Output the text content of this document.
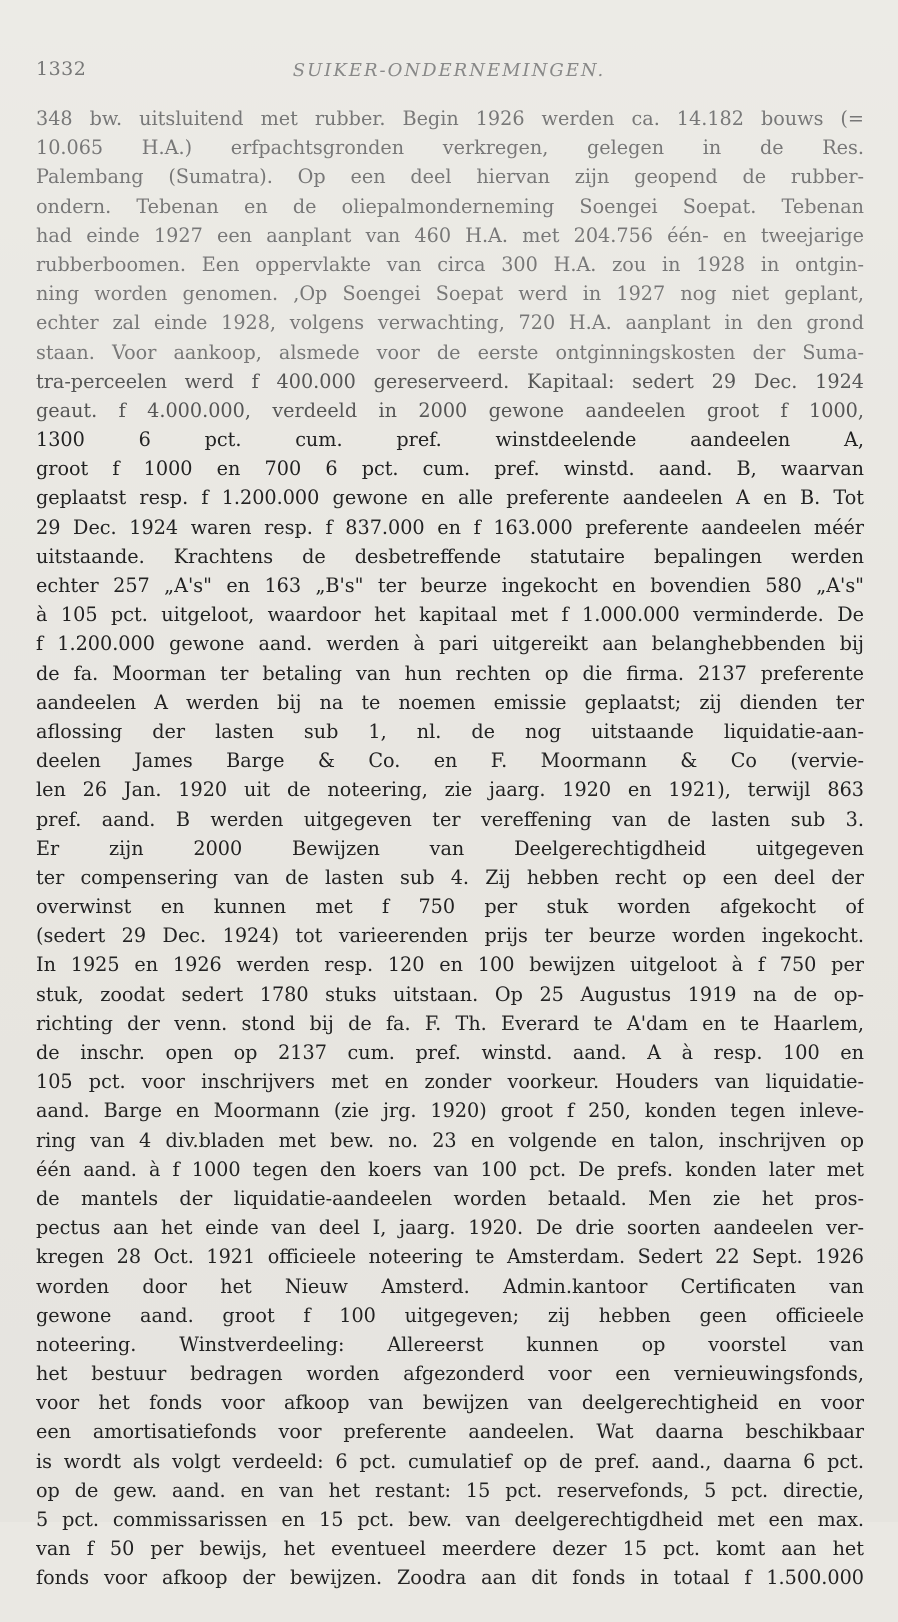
1332	SUIKER-ONDERNEMINGEN.
348 bw. uitsluitend met rubber. Begin 1926 werden ca. 14.182 bouws (=
10.065 H.A.) erfpachtsgronden verkregen, gelegen in de Res.
Palembang (Sumatra). Op een deel hiervan zijn geopend de rubber-
ondern. Tebenan en de oliepalmonderneming Soengei Soepat. Tebenan
had einde 1927 een aanplant van 460 H.A. met 204.756 één- en tweejarige
rubberboomen. Een oppervlakte van circa 300 H.A. zou in 1928 in ontgin-
ning worden genomen. ,Op Soengei Soepat werd in 1927 nog niet geplant,
echter zal einde 1928, volgens verwachting, 720 H.A. aanplant in den grond
staan. Voor aankoop, alsmede voor de eerste ontginningskosten der Suma-
tra-perceelen werd f 400.000 gereserveerd. Kapitaal: sedert 29 Dec. 1924
geaut. f 4.000.000, verdeeld in 2000 gewone aandeelen groot f 1000,
1300 6 pct. cum. pref. winstdeelende aandeelen A,
groot f 1000 en 700 6 pct. cum. pref. winstd. aand. B, waarvan
geplaatst resp. f 1.200.000 gewone en alle preferente aandeelen A en B. Tot
29 Dec. 1924 waren resp. f 837.000 en f 163.000 preferente aandeelen méér
uitstaande. Krachtens de desbetreffende statutaire bepalingen werden
echter 257 „A's" en 163 „B's" ter beurze ingekocht en bovendien 580 „A's"
à 105 pct. uitgeloot, waardoor het kapitaal met f 1.000.000 verminderde. De
f 1.200.000 gewone aand. werden à pari uitgereikt aan belanghebbenden bij
de fa. Moorman ter betaling van hun rechten op die firma. 2137 preferente
aandeelen A werden bij na te noemen emissie geplaatst; zij dienden ter
aflossing der lasten sub 1, nl. de nog uitstaande liquidatie-aan-
deelen James Barge & Co. en F. Moormann & Co (vervie-
len 26 Jan. 1920 uit de noteering, zie jaarg. 1920 en 1921), terwijl 863
pref. aand. B werden uitgegeven ter vereffening van de lasten sub 3.
Er zijn 2000 Bewijzen van Deelgerechtigdheid uitgegeven
ter compensering van de lasten sub 4. Zij hebben recht op een deel der
overwinst en kunnen met f 750 per stuk worden afgekocht of
(sedert 29 Dec. 1924) tot varieerenden prijs ter beurze worden ingekocht.
In 1925 en 1926 werden resp. 120 en 100 bewijzen uitgeloot à f 750 per
stuk, zoodat sedert 1780 stuks uitstaan. Op 25 Augustus 1919 na de op-
richting der venn. stond bij de fa. F. Th. Everard te A'dam en te Haarlem,
de inschr. open op 2137 cum. pref. winstd. aand. A à resp. 100 en
105 pct. voor inschrijvers met en zonder voorkeur. Houders van liquidatie-
aand. Barge en Moormann (zie jrg. 1920) groot f 250, konden tegen inleve-
ring van 4 div.bladen met bew. no. 23 en volgende en talon, inschrijven op
één aand. à f 1000 tegen den koers van 100 pct. De prefs. konden later met
de mantels der liquidatie-aandeelen worden betaald. Men zie het pros-
pectus aan het einde van deel I, jaarg. 1920. De drie soorten aandeelen ver-
kregen 28 Oct. 1921 officieele noteering te Amsterdam. Sedert 22 Sept. 1926
worden door het Nieuw Amsterd. Admin.kantoor Certificaten van
gewone aand. groot f 100 uitgegeven; zij hebben geen officieele
noteering. Winstverdeeling: Allereerst kunnen op voorstel van
het bestuur bedragen worden afgezonderd voor een vernieuwingsfonds,
voor het fonds voor afkoop van bewijzen van deelgerechtigheid en voor
een amortisatiefonds voor preferente aandeelen. Wat daarna beschikbaar
is wordt als volgt verdeeld: 6 pct. cumulatief op de pref. aand., daarna 6 pct.
op de gew. aand. en van het restant: 15 pct. reservefonds, 5 pct. directie,
5 pct. commissarissen en 15 pct. bew. van deelgerechtigdheid met een max.
van f 50 per bewijs, het eventueel meerdere dezer 15 pct. komt aan het
fonds voor afkoop der bewijzen. Zoodra aan dit fonds in totaal f 1.500.000
